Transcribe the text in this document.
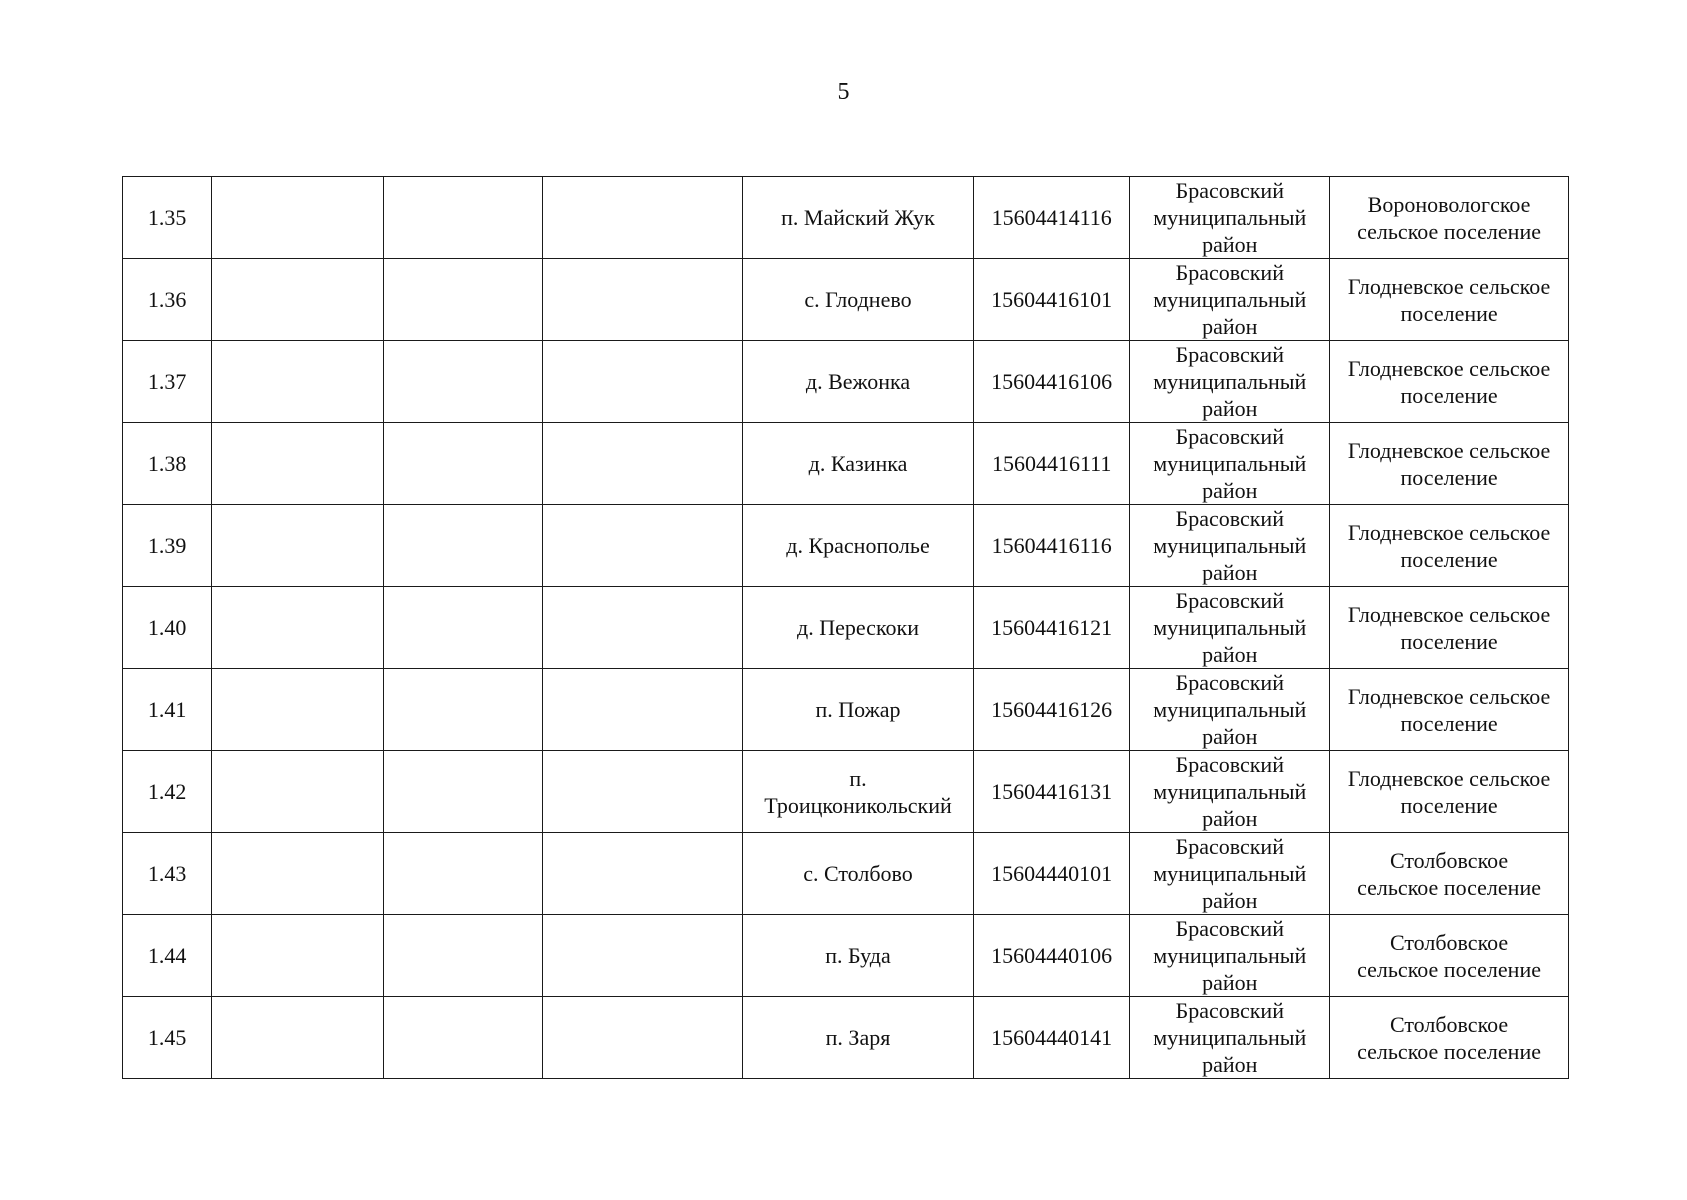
5
1.35				п. Майский Жук	15604414116	Брасовский
муниципальный
район	Вороновологское
сельское поселение

1.36				с. Глоднево	15604416101	Брасовский
муниципальный
район	Глодневское сельское
поселение

1.37				д. Вежонка	15604416106	Брасовский
муниципальный
район	Глодневское сельское
поселение

1.38				д. Казинка	15604416111	Брасовский
муниципальный
район	Глодневское сельское
поселение

1.39				д. Краснополье	15604416116	Брасовский
муниципальный
район	Глодневское сельское
поселение

1.40				д. Перескоки	15604416121	Брасовский
муниципальный
район	Глодневское сельское
поселение

1.41				п. Пожар	15604416126	Брасовский
муниципальный
район	Глодневское сельское
поселение

1.42				п.
Троицконикольский	15604416131	Брасовский
муниципальный
район	Глодневское сельское
поселение

1.43				с. Столбово	15604440101	Брасовский
муниципальный
район	Столбовское
сельское поселение

1.44				п. Буда	15604440106	Брасовский
муниципальный
район	Столбовское
сельское поселение

1.45				п. Заря	15604440141	Брасовский
муниципальный
район	Столбовское
сельское поселение
